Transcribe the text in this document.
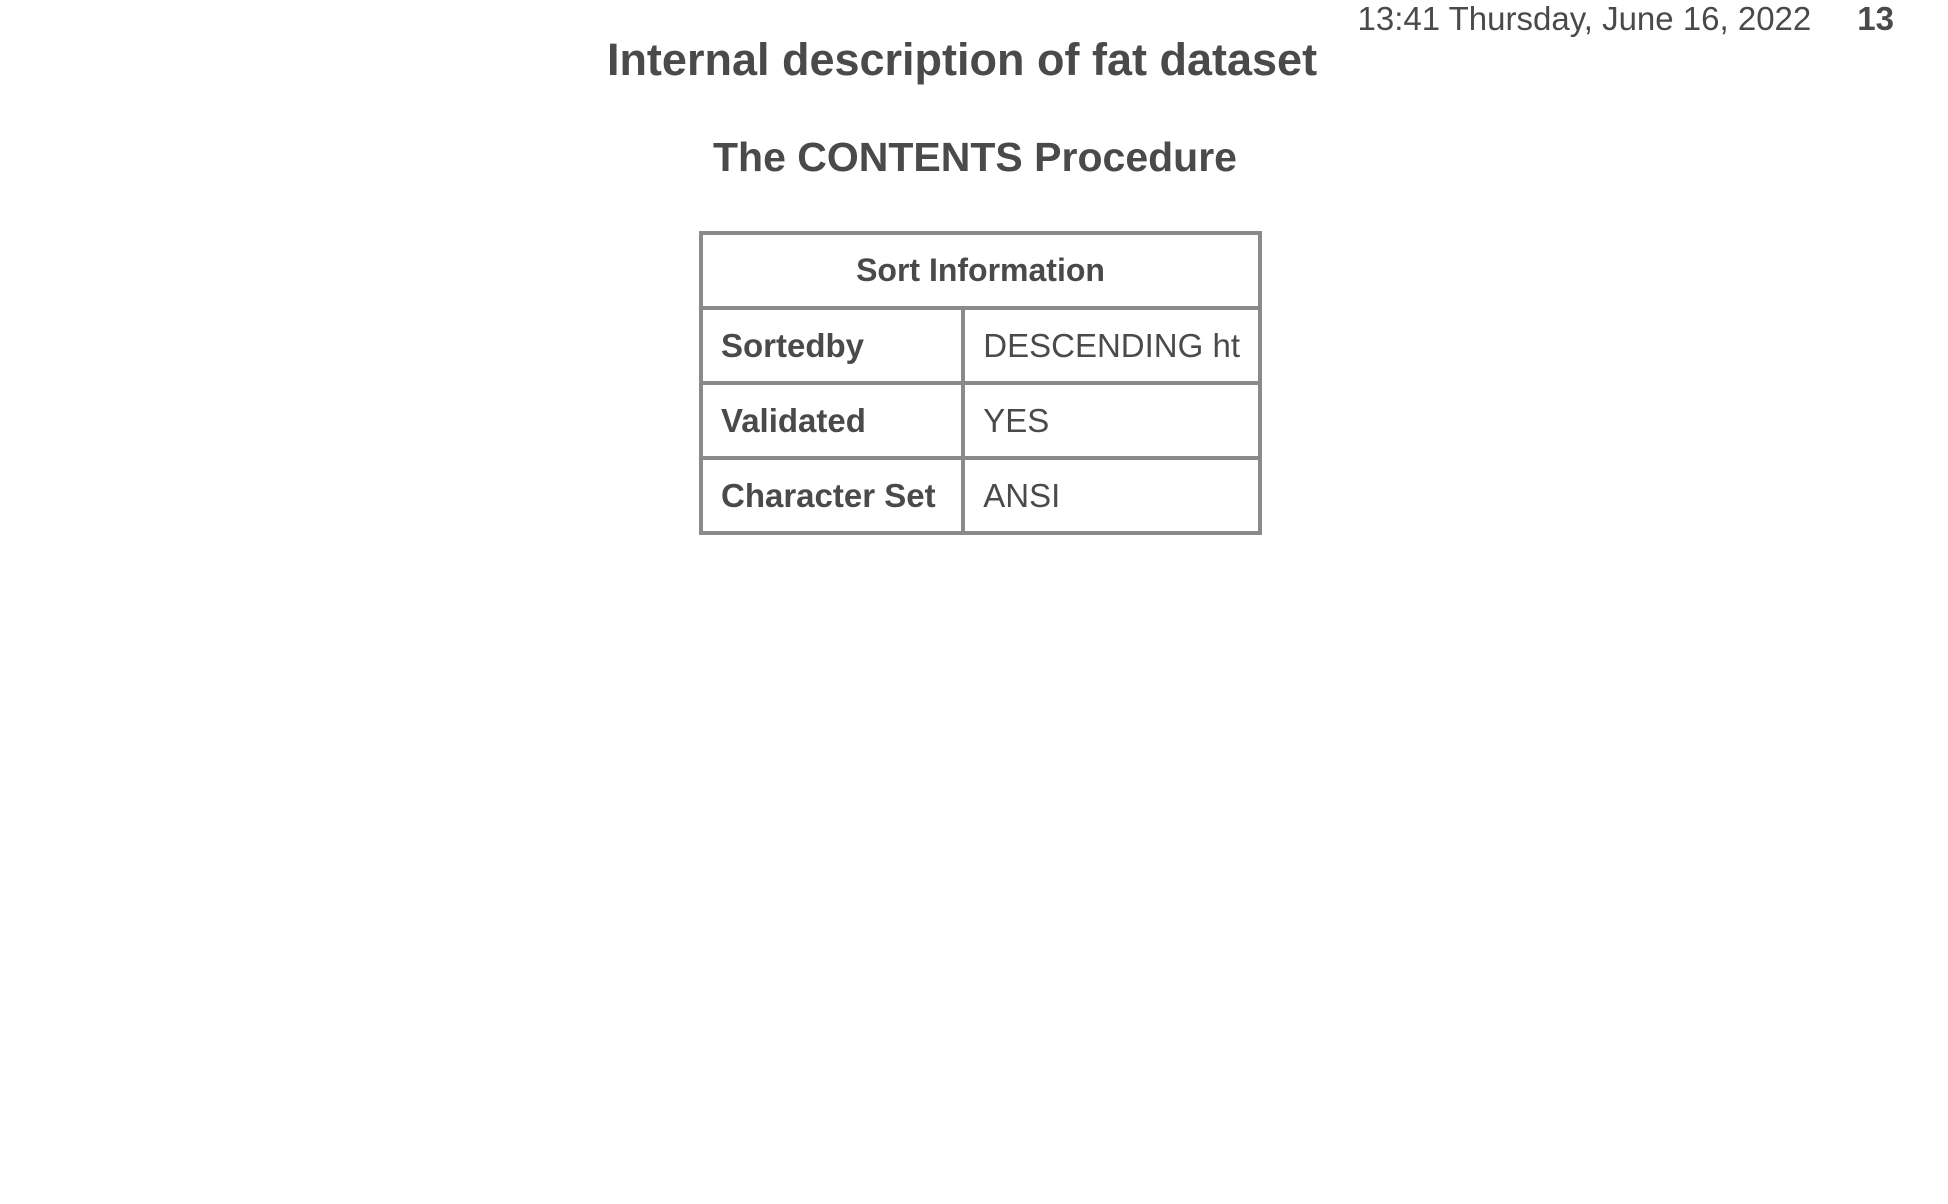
13:41 Thursday, June 16, 2022 13
Internal description of fat dataset
The CONTENTS Procedure
Sort Information	
Sortedby	DESCENDING ht
Validated	YES
Character Set	ANSI
